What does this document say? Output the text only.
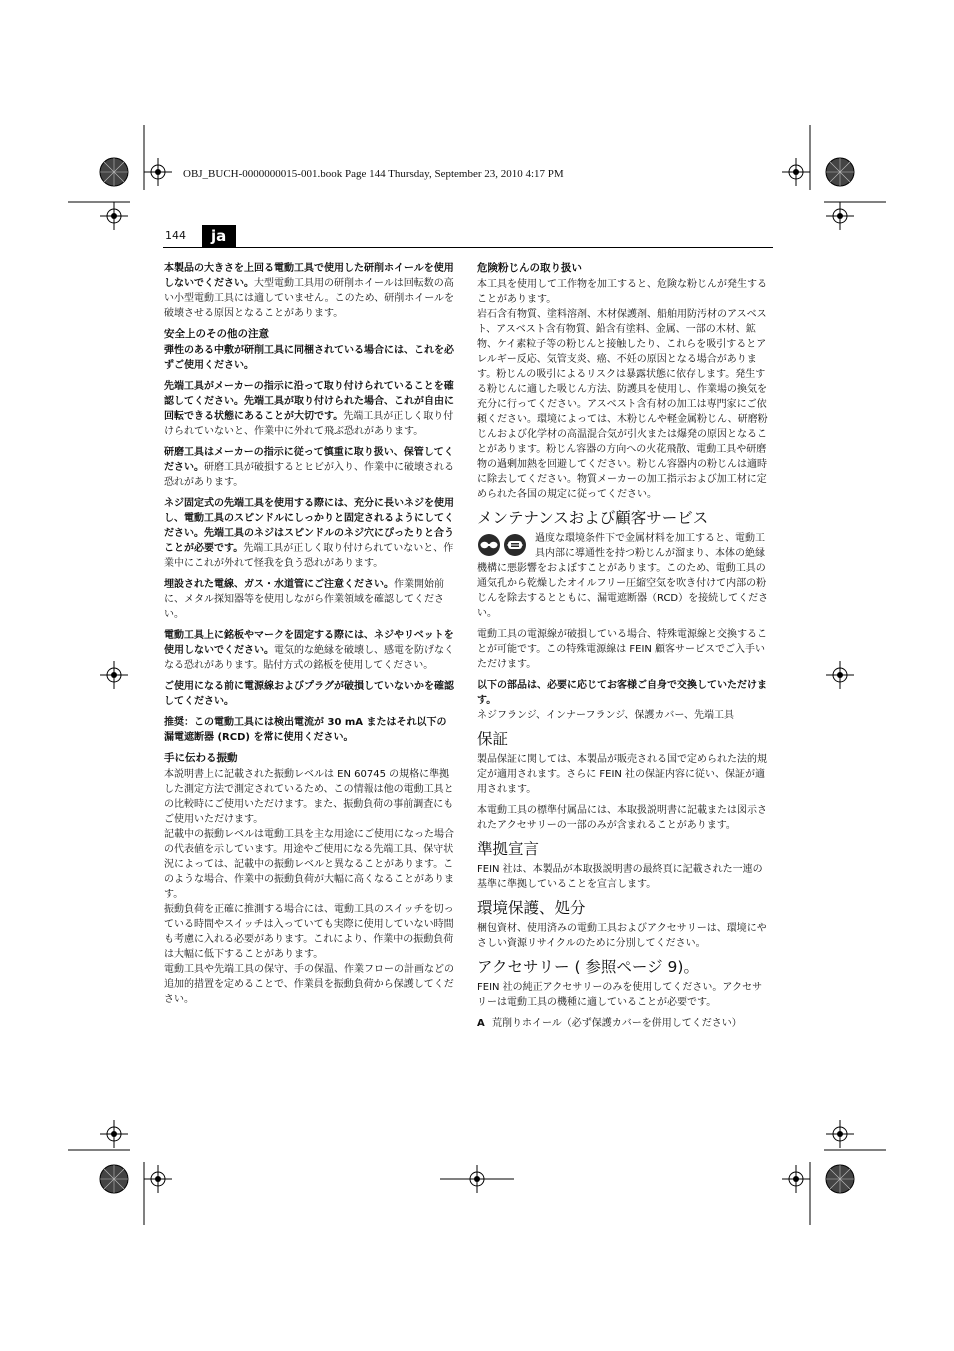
OBJ_BUCH-0000000015-001.book Page 144 Thursday, September 23, 2010 4:17 PM
144	ja

本製品の大きさを上回る電動工具で使用した研削ホイールを使用しないでください。大型電動工具用の研削ホイールは回転数の高い小型電動工具には適していません。このため、研削ホイールを破壊させる原因となることがあります。

安全上のその他の注意

弾性のある中敷が研削工具に同梱されている場合には、これを必ずご使用ください。

先端工具がメーカーの指示に沿って取り付けられていることを確認してください。先端工具が取り付けられた場合、これが自由に回転できる状態にあることが大切です。先端工具が正しく取り付けられていないと、作業中に外れて飛ぶ恐れがあります。

研磨工具はメーカーの指示に従って慎重に取り扱い、保管してください。研磨工具が破損するとヒビが入り、作業中に破壊される恐れがあります。

ネジ固定式の先端工具を使用する際には、充分に長いネジを使用し、電動工具のスピンドルにしっかりと固定されるようにしてください。先端工具のネジはスピンドルのネジ穴にぴったりと合うことが必要です。先端工具が正しく取り付けられていないと、作業中にこれが外れて怪我を負う恐れがあります。

埋設された電線、ガス・水道管にご注意ください。作業開始前に、メタル探知器等を使用しながら作業領域を確認してください。

電動工具上に銘板やマークを固定する際には、ネジやリベットを使用しないでください。電気的な絶縁を破壊し、感電を防げなくなる恐れがあります。貼付方式の銘板を使用してください。

ご使用になる前に電源線およびプラグが破損していないかを確認してください。

推奨：この電動工具には検出電流が 30 mA またはそれ以下の漏電遮断器 (RCD) を常に使用ください。

手に伝わる振動

本説明書上に記載された振動レベルは EN 60745 の規格に準拠した測定方法で測定されているため、この情報は他の電動工具との比較時にご使用いただけます。また、振動負荷の事前調査にもご使用いただけます。

記載中の振動レベルは電動工具を主な用途にご使用になった場合の代表値を示しています。用途やご使用になる先端工具、保守状況によっては、記載中の振動レベルと異なることがあります。このような場合、作業中の振動負荷が大幅に高くなることがあります。

振動負荷を正確に推測する場合には、電動工具のスイッチを切っている時間やスイッチは入っていても実際に使用していない時間も考慮に入れる必要があります。これにより、作業中の振動負荷は大幅に低下することがあります。

電動工具や先端工具の保守、手の保温、作業フローの計画などの追加的措置を定めることで、作業員を振動負荷から保護してください。

危険粉じんの取り扱い

本工具を使用して工作物を加工すると、危険な粉じんが発生することがあります。

岩石含有物質、塗料溶剤、木材保護剤、船舶用防汚材のアスベスト、アスベスト含有物質、鉛含有塗料、金属、一部の木材、鉱物、ケイ素粒子等の粉じんと接触したり、これらを吸引するとアレルギー反応、気管支炎、癌、不妊の原因となる場合があります。粉じんの吸引によるリスクは暴露状態に依存します。発生する粉じんに適した吸じん方法、防護具を使用し、作業場の換気を充分に行ってください。アスベスト含有材の加工は専門家にご依頼ください。環境によっては、木粉じんや軽金属粉じん、研磨粉じんおよび化学材の高温混合気が引火または爆発の原因となることがあります。粉じん容器の方向への火花飛散、電動工具や研磨物の過剰加熱を回避してください。粉じん容器内の粉じんは適時に除去してください。物質メーカーの加工指示および加工材に定められた各国の規定に従ってください。

メンテナンスおよび顧客サービス

過度な環境条件下で金属材料を加工すると、電動工具内部に導通性を持つ粉じんが溜まり、本体の絶縁機構に悪影響をおよぼすことがあります。このため、電動工具の通気孔から乾燥したオイルフリー圧縮空気を吹き付けて内部の粉じんを除去するとともに、漏電遮断器（RCD）を接続してください。

電動工具の電源線が破損している場合、特殊電源線と交換することが可能です。この特殊電源線は FEIN 顧客サービスでご入手いただけます。

以下の部品は、必要に応じてお客様ご自身で交換していただけます。

ネジフランジ、インナーフランジ、保護カバー、先端工具

保証

製品保証に関しては、本製品が販売される国で定められた法的規定が適用されます。さらに FEIN 社の保証内容に従い、保証が適用されます。

本電動工具の標準付属品には、本取扱説明書に記載または図示されたアクセサリーの一部のみが含まれることがあります。

準拠宣言

FEIN 社は、本製品が本取扱説明書の最終頁に記載された一連の基準に準拠していることを宣言します。

環境保護、処分

梱包資材、使用済みの電動工具およびアクセサリーは、環境にやさしい資源リサイクルのために分別してください。

アクセサリー ( 参照ページ 9)。

FEIN 社の純正アクセサリーのみを使用してください。アクセサリーは電動工具の機種に適していることが必要です。

A 荒削りホイール（必ず保護カバーを併用してください）
